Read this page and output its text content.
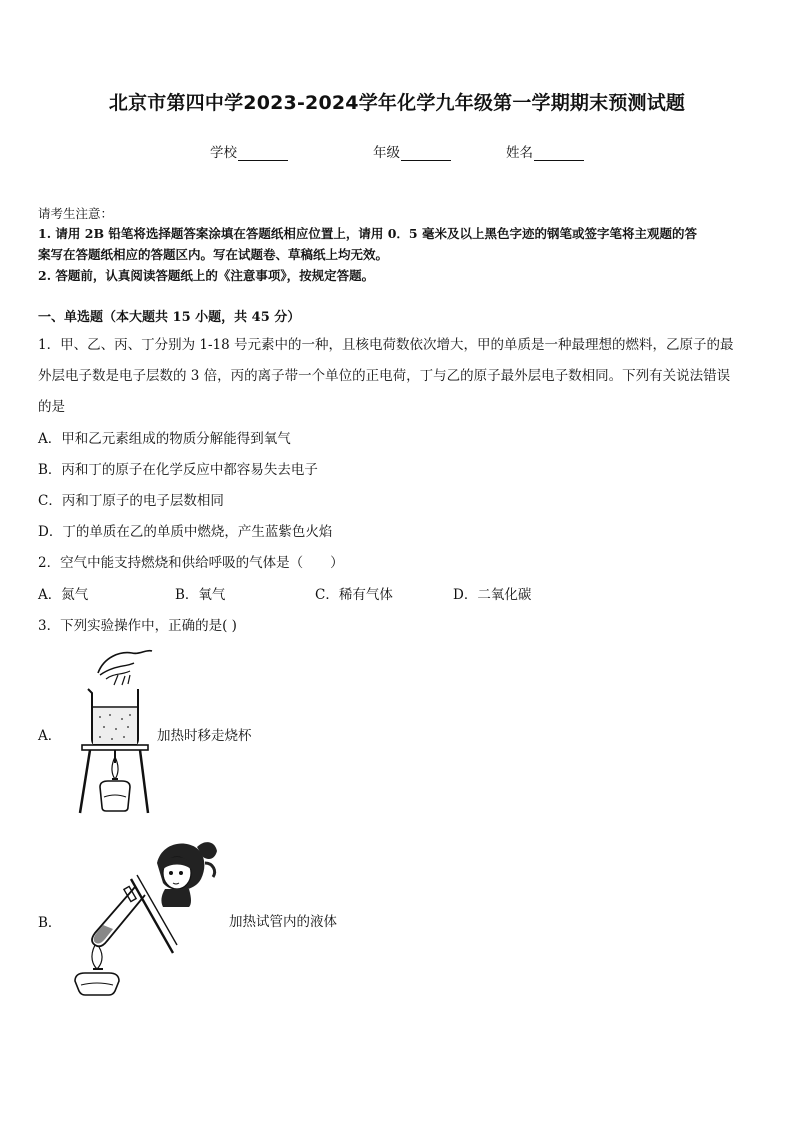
北京市第四中学2023-2024学年化学九年级第一学期期末预测试题
学校	年级	姓名
请考生注意：
1. 请用 2B 铅笔将选择题答案涂填在答题纸相应位置上，请用 0．5 毫米及以上黑色字迹的钢笔或签字笔将主观题的答
案写在答题纸相应的答题区内。写在试题卷、草稿纸上均无效。
2. 答题前，认真阅读答题纸上的《注意事项》，按规定答题。
一、单选题（本大题共 15 小题，共 45 分）
1．甲、乙、丙、丁分别为 1-18 号元素中的一种，且核电荷数依次增大，甲的单质是一种最理想的燃料，乙原子的最
外层电子数是电子层数的 3 倍，丙的离子带一个单位的正电荷，丁与乙的原子最外层电子数相同。下列有关说法错误
的是
A．甲和乙元素组成的物质分解能得到氧气
B．丙和丁的原子在化学反应中都容易失去电子
C．丙和丁原子的电子层数相同
D．丁的单质在乙的单质中燃烧，产生蓝紫色火焰
2．空气中能支持燃烧和供给呼吸的气体是（　　）
A．氮气	B．氧气	C．稀有气体	D．二氧化碳
3．下列实验操作中，正确的是( )
A．	加热时移走烧杯
B．	加热试管内的液体
